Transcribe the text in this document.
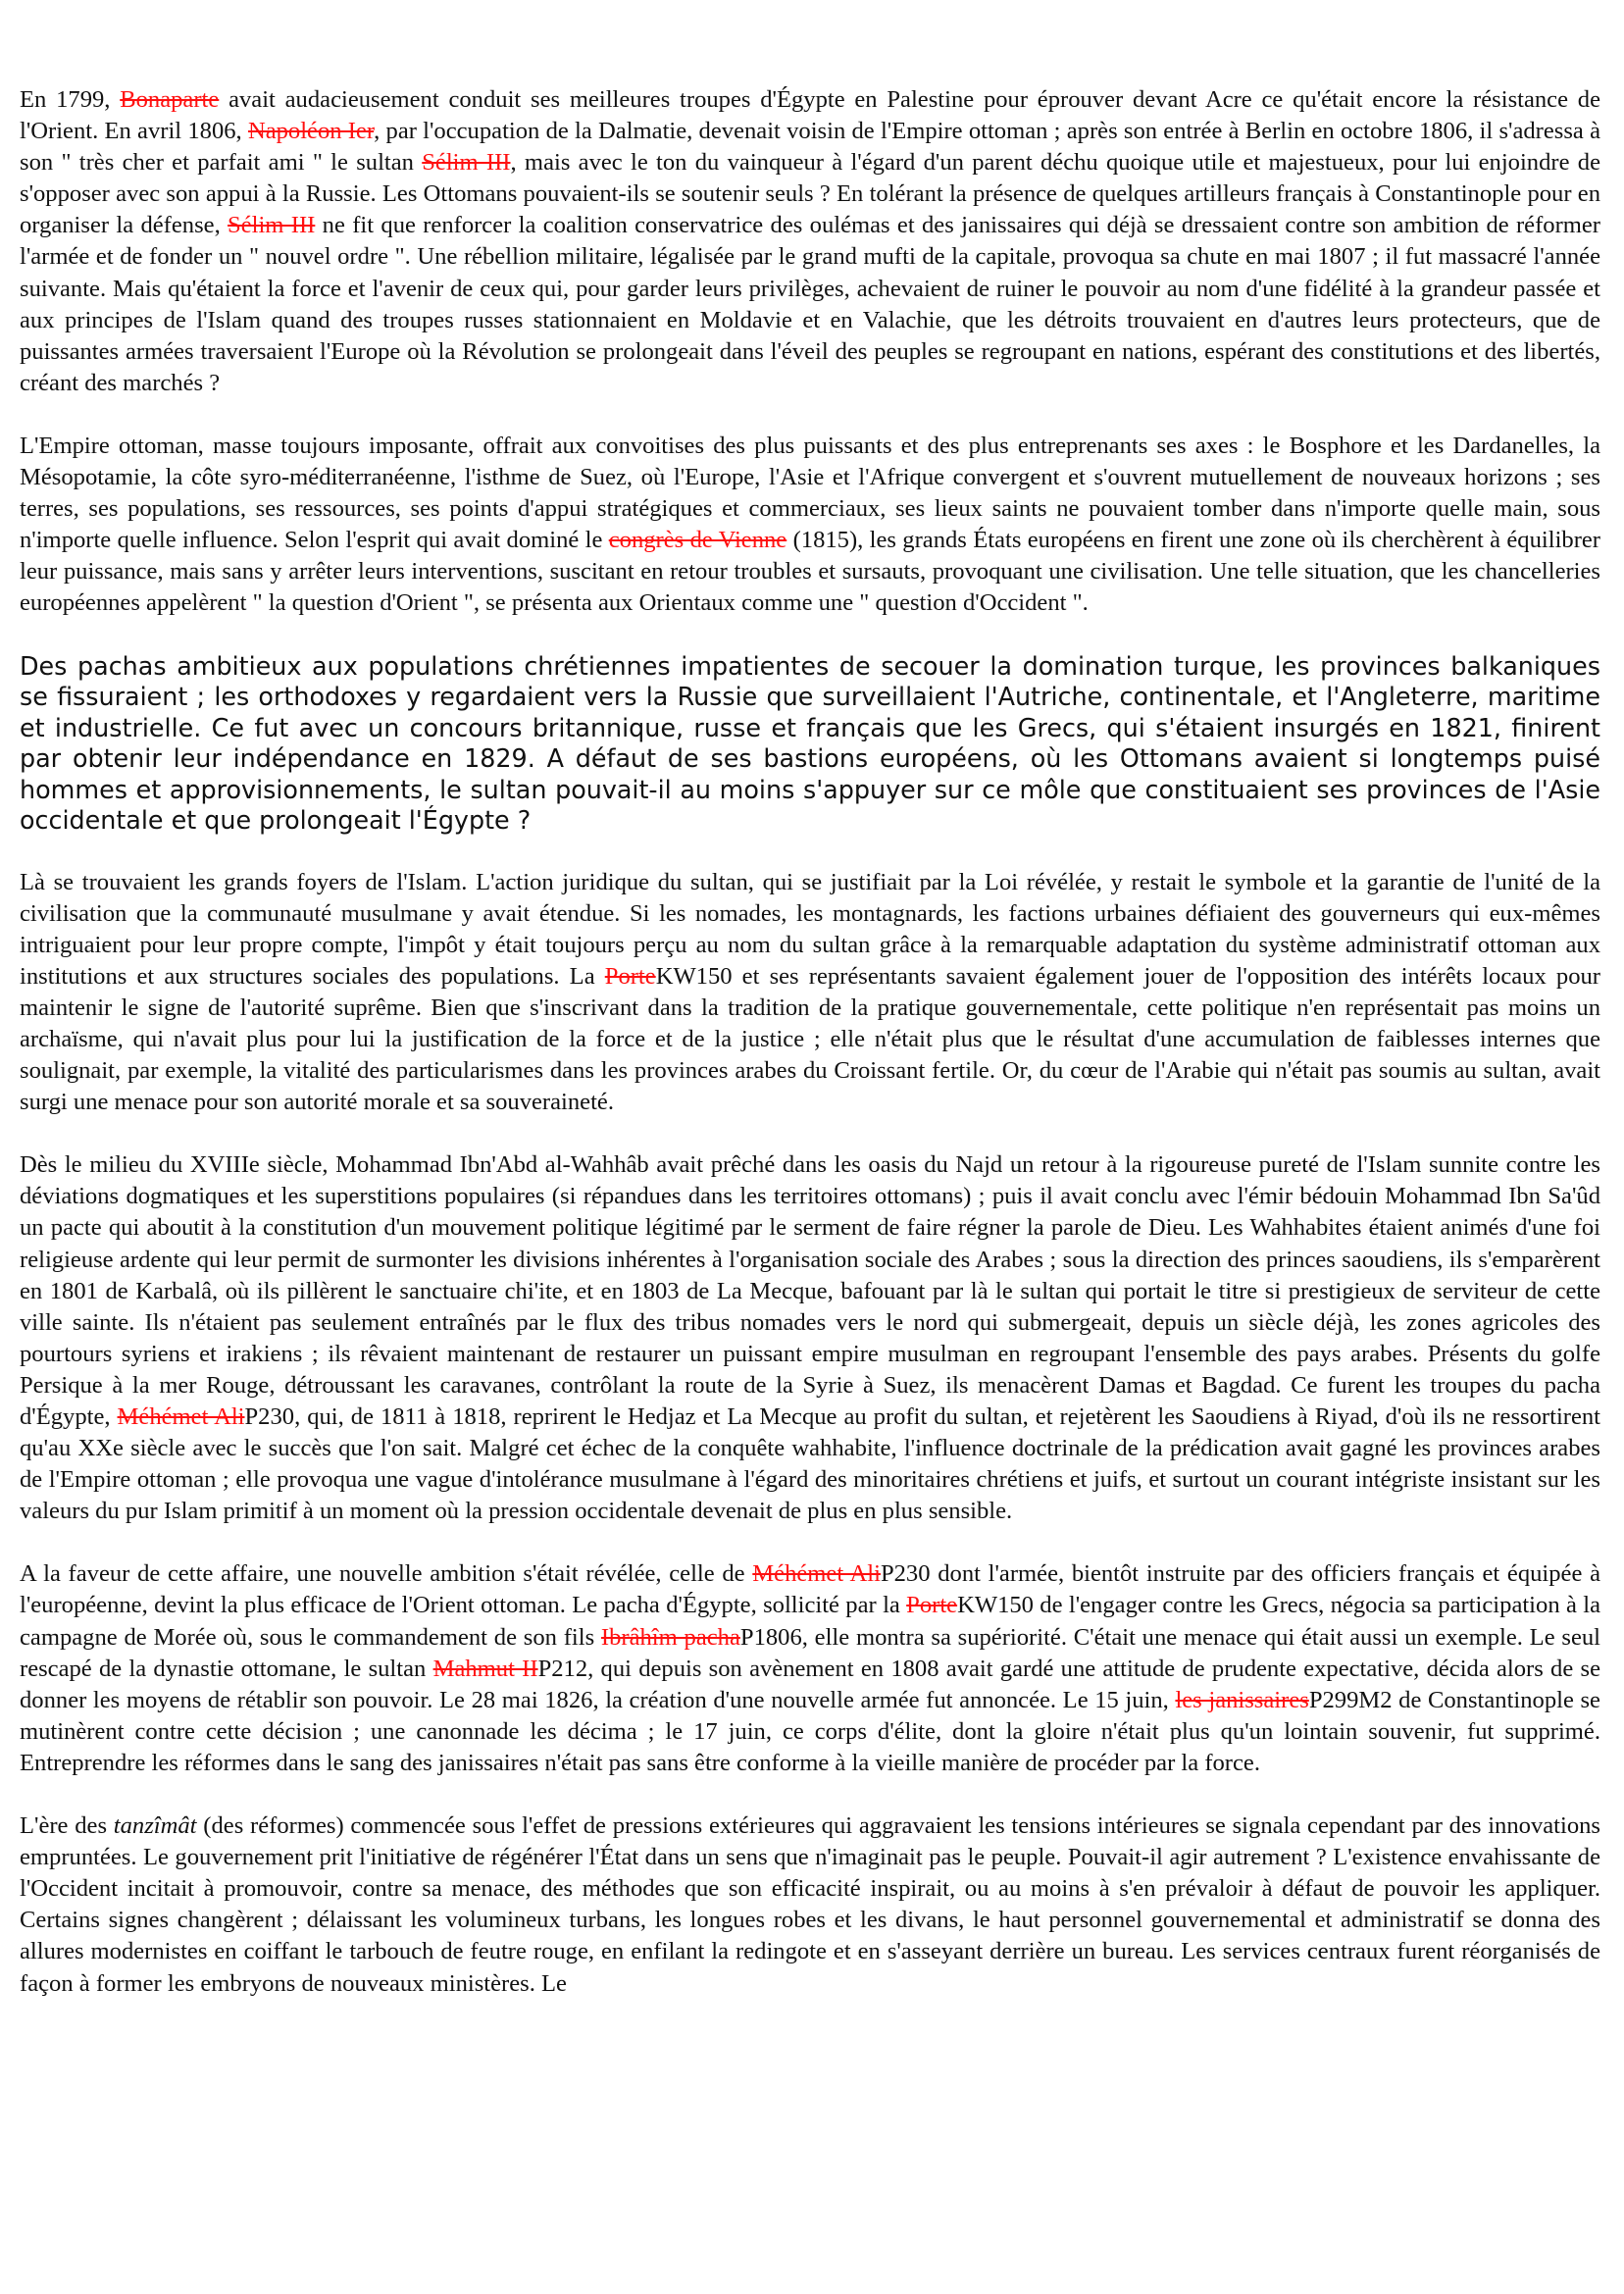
En 1799, Bonaparte avait audacieusement conduit ses meilleures troupes d'Égypte en Palestine pour éprouver devant Acre ce qu'était encore la résistance de l'Orient. En avril 1806, Napoléon Ier, par l'occupation de la Dalmatie, devenait voisin de l'Empire ottoman ; après son entrée à Berlin en octobre 1806, il s'adressa à son " très cher et parfait ami " le sultan Sélim III, mais avec le ton du vainqueur à l'égard d'un parent déchu quoique utile et majestueux, pour lui enjoindre de s'opposer avec son appui à la Russie. Les Ottomans pouvaient-ils se soutenir seuls ? En tolérant la présence de quelques artilleurs français à Constantinople pour en organiser la défense, Sélim III ne fit que renforcer la coalition conservatrice des oulémas et des janissaires qui déjà se dressaient contre son ambition de réformer l'armée et de fonder un " nouvel ordre ". Une rébellion militaire, légalisée par le grand mufti de la capitale, provoqua sa chute en mai 1807 ; il fut massacré l'année suivante. Mais qu'étaient la force et l'avenir de ceux qui, pour garder leurs privilèges, achevaient de ruiner le pouvoir au nom d'une fidélité à la grandeur passée et aux principes de l'Islam quand des troupes russes stationnaient en Moldavie et en Valachie, que les détroits trouvaient en d'autres leurs protecteurs, que de puissantes armées traversaient l'Europe où la Révolution se prolongeait dans l'éveil des peuples se regroupant en nations, espérant des constitutions et des libertés, créant des marchés ?

L'Empire ottoman, masse toujours imposante, offrait aux convoitises des plus puissants et des plus entreprenants ses axes : le Bosphore et les Dardanelles, la Mésopotamie, la côte syro-méditerranéenne, l'isthme de Suez, où l'Europe, l'Asie et l'Afrique convergent et s'ouvrent mutuellement de nouveaux horizons ; ses terres, ses populations, ses ressources, ses points d'appui stratégiques et commerciaux, ses lieux saints ne pouvaient tomber dans n'importe quelle main, sous n'importe quelle influence. Selon l'esprit qui avait dominé le congrès de Vienne (1815), les grands États européens en firent une zone où ils cherchèrent à équilibrer leur puissance, mais sans y arrêter leurs interventions, suscitant en retour troubles et sursauts, provoquant une civilisation. Une telle situation, que les chancelleries européennes appelèrent " la question d'Orient ", se présenta aux Orientaux comme une " question d'Occident ".

Des pachas ambitieux aux populations chrétiennes impatientes de secouer la domination turque, les provinces balkaniques se fissuraient ; les orthodoxes y regardaient vers la Russie que surveillaient l'Autriche, continentale, et l'Angleterre, maritime et industrielle. Ce fut avec un concours britannique, russe et français que les Grecs, qui s'étaient insurgés en 1821, finirent par obtenir leur indépendance en 1829. A défaut de ses bastions européens, où les Ottomans avaient si longtemps puisé hommes et approvisionnements, le sultan pouvait-il au moins s'appuyer sur ce môle que constituaient ses provinces de l'Asie occidentale et que prolongeait l'Égypte ?

Là se trouvaient les grands foyers de l'Islam. L'action juridique du sultan, qui se justifiait par la Loi révélée, y restait le symbole et la garantie de l'unité de la civilisation que la communauté musulmane y avait étendue. Si les nomades, les montagnards, les factions urbaines défiaient des gouverneurs qui eux-mêmes intriguaient pour leur propre compte, l'impôt y était toujours perçu au nom du sultan grâce à la remarquable adaptation du système administratif ottoman aux institutions et aux structures sociales des populations. La PorteKW150 et ses représentants savaient également jouer de l'opposition des intérêts locaux pour maintenir le signe de l'autorité suprême. Bien que s'inscrivant dans la tradition de la pratique gouvernementale, cette politique n'en représentait pas moins un archaïsme, qui n'avait plus pour lui la justification de la force et de la justice ; elle n'était plus que le résultat d'une accumulation de faiblesses internes que soulignait, par exemple, la vitalité des particularismes dans les provinces arabes du Croissant fertile. Or, du cœur de l'Arabie qui n'était pas soumis au sultan, avait surgi une menace pour son autorité morale et sa souveraineté.

Dès le milieu du XVIIIe siècle, Mohammad Ibn'Abd al-Wahhâb avait prêché dans les oasis du Najd un retour à la rigoureuse pureté de l'Islam sunnite contre les déviations dogmatiques et les superstitions populaires (si répandues dans les territoires ottomans) ; puis il avait conclu avec l'émir bédouin Mohammad Ibn Sa'ûd un pacte qui aboutit à la constitution d'un mouvement politique légitimé par le serment de faire régner la parole de Dieu. Les Wahhabites étaient animés d'une foi religieuse ardente qui leur permit de surmonter les divisions inhérentes à l'organisation sociale des Arabes ; sous la direction des princes saoudiens, ils s'emparèrent en 1801 de Karbalâ, où ils pillèrent le sanctuaire chi'ite, et en 1803 de La Mecque, bafouant par là le sultan qui portait le titre si prestigieux de serviteur de cette ville sainte. Ils n'étaient pas seulement entraînés par le flux des tribus nomades vers le nord qui submergeait, depuis un siècle déjà, les zones agricoles des pourtours syriens et irakiens ; ils rêvaient maintenant de restaurer un puissant empire musulman en regroupant l'ensemble des pays arabes. Présents du golfe Persique à la mer Rouge, détroussant les caravanes, contrôlant la route de la Syrie à Suez, ils menacèrent Damas et Bagdad. Ce furent les troupes du pacha d'Égypte, Méhémet AliP230, qui, de 1811 à 1818, reprirent le Hedjaz et La Mecque au profit du sultan, et rejetèrent les Saoudiens à Riyad, d'où ils ne ressortirent qu'au XXe siècle avec le succès que l'on sait. Malgré cet échec de la conquête wahhabite, l'influence doctrinale de la prédication avait gagné les provinces arabes de l'Empire ottoman ; elle provoqua une vague d'intolérance musulmane à l'égard des minoritaires chrétiens et juifs, et surtout un courant intégriste insistant sur les valeurs du pur Islam primitif à un moment où la pression occidentale devenait de plus en plus sensible.

A la faveur de cette affaire, une nouvelle ambition s'était révélée, celle de Méhémet AliP230 dont l'armée, bientôt instruite par des officiers français et équipée à l'européenne, devint la plus efficace de l'Orient ottoman. Le pacha d'Égypte, sollicité par la PorteKW150 de l'engager contre les Grecs, négocia sa participation à la campagne de Morée où, sous le commandement de son fils Ibrâhîm pachaP1806, elle montra sa supériorité. C'était une menace qui était aussi un exemple. Le seul rescapé de la dynastie ottomane, le sultan Mahmut IIP212, qui depuis son avènement en 1808 avait gardé une attitude de prudente expectative, décida alors de se donner les moyens de rétablir son pouvoir. Le 28 mai 1826, la création d'une nouvelle armée fut annoncée. Le 15 juin, les janissairesP299M2 de Constantinople se mutinèrent contre cette décision ; une canonnade les décima ; le 17 juin, ce corps d'élite, dont la gloire n'était plus qu'un lointain souvenir, fut supprimé. Entreprendre les réformes dans le sang des janissaires n'était pas sans être conforme à la vieille manière de procéder par la force.

L'ère des tanzîmât (des réformes) commencée sous l'effet de pressions extérieures qui aggravaient les tensions intérieures se signala cependant par des innovations empruntées. Le gouvernement prit l'initiative de régénérer l'État dans un sens que n'imaginait pas le peuple. Pouvait-il agir autrement ? L'existence envahissante de l'Occident incitait à promouvoir, contre sa menace, des méthodes que son efficacité inspirait, ou au moins à s'en prévaloir à défaut de pouvoir les appliquer. Certains signes changèrent ; délaissant les volumineux turbans, les longues robes et les divans, le haut personnel gouvernemental et administratif se donna des allures modernistes en coiffant le tarbouch de feutre rouge, en enfilant la redingote et en s'asseyant derrière un bureau. Les services centraux furent réorganisés de façon à former les embryons de nouveaux ministères. Le
